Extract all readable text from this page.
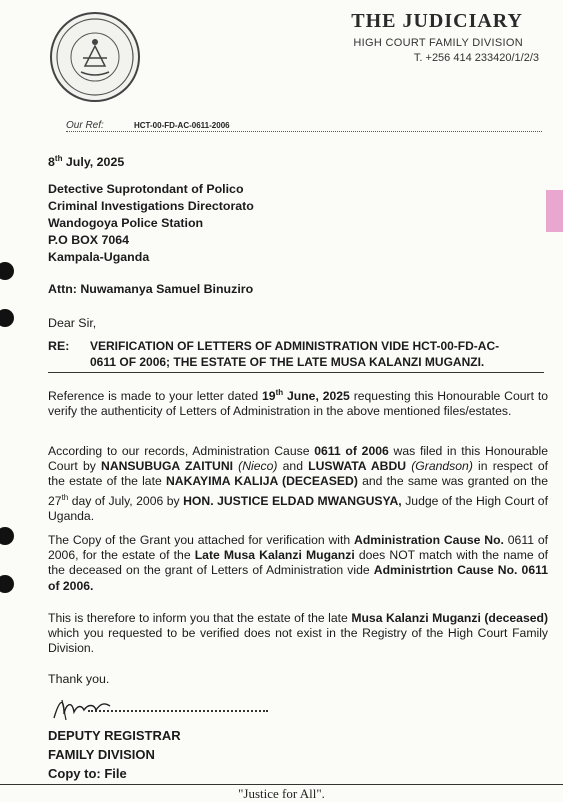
THE JUDICIARY
HIGH COURT FAMILY DIVISION
T. +256 414 233420/1/2/3
Our Ref:	HCT-00-FD-AC-0611-2006
8th July, 2025
Detective Suprotondant of Polico
Criminal Investigations Directorato
Wandogoya Police Station
P.O BOX 7064
Kampala-Uganda
Attn: Nuwamanya Samuel Binuziro
Dear Sir,
RE: VERIFICATION OF LETTERS OF ADMINISTRATION VIDE HCT-00-FD-AC-
0611 OF 2006; THE ESTATE OF THE LATE MUSA KALANZI MUGANZI.
Reference is made to your letter dated 19th June, 2025 requesting this Honourable Court to verify the authenticity of Letters of Administration in the above mentioned files/estates.
According to our records, Administration Cause 0611 of 2006 was filed in this Honourable Court by NANSUBUGA ZAITUNI (Nieco) and LUSWATA ABDU (Grandson) in respect of the estate of the late NAKAYIMA KALIJA (DECEASED) and the same was granted on the 27th day of July, 2006 by HON. JUSTICE ELDAD MWANGUSYA, Judge of the High Court of Uganda.
The Copy of the Grant you attached for verification with Administration Cause No. 0611 of 2006, for the estate of the Late Musa Kalanzi Muganzi does NOT match with the name of the deceased on the grant of Letters of Administration vide Administrtion Cause No. 0611 of 2006.
This is therefore to inform you that the estate of the late Musa Kalanzi Muganzi (deceased) which you requested to be verified does not exist in the Registry of the High Court Family Division.
Thank you.
DEPUTY REGISTRAR
FAMILY DIVISION
Copy to: File
"Justice for All".
